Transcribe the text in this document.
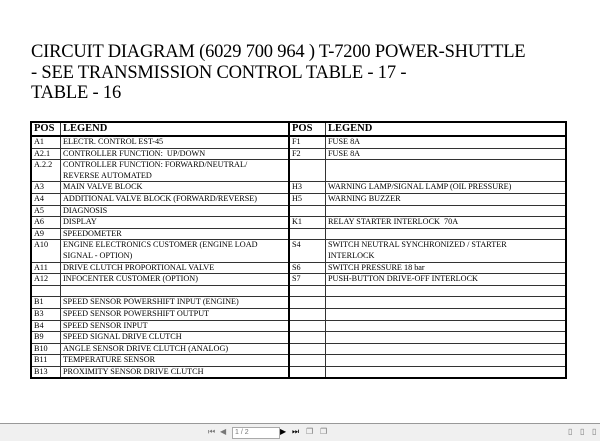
CIRCUIT DIAGRAM (6029 700 964 ) T-7200 POWER-SHUTTLE
- SEE TRANSMISSION CONTROL TABLE - 17 -
TABLE - 16
POS	LEGEND	POS	LEGEND
A1	ELECTR. CONTROL EST-45	F1	FUSE 8A
A2.1	CONTROLLER FUNCTION:  UP/DOWN	F2	FUSE 8A
A.2.2	CONTROLLER FUNCTION: FORWARD/NEUTRAL/
REVERSE AUTOMATED		
A3	MAIN VALVE BLOCK	H3	WARNING LAMP/SIGNAL LAMP (OIL PRESSURE)
A4	ADDITIONAL VALVE BLOCK (FORWARD/REVERSE)	H5	WARNING BUZZER
A5	DIAGNOSIS		
A6	DISPLAY	K1	RELAY STARTER INTERLOCK  70A
A9	SPEEDOMETER		
A10	ENGINE ELECTRONICS CUSTOMER (ENGINE LOAD
SIGNAL - OPTION)	S4	SWITCH NEUTRAL SYNCHRONIZED / STARTER
INTERLOCK
A11	DRIVE CLUTCH PROPORTIONAL VALVE	S6	SWITCH PRESSURE 18 bar
A12	INFOCENTER CUSTOMER (OPTION)	S7	PUSH-BUTTON DRIVE-OFF INTERLOCK

B1	SPEED SENSOR POWERSHIFT INPUT (ENGINE)		
B3	SPEED SENSOR POWERSHIFT OUTPUT		
B4	SPEED SENSOR INPUT		
B9	SPEED SIGNAL DRIVE CLUTCH		
B10	ANGLE SENSOR DRIVE CLUTCH (ANALOG)		
B11	TEMPERATURE SENSOR		
B13	PROXIMITY SENSOR DRIVE CLUTCH		
⏮ ◀	1 / 2	▶ ⏭ ❐ ❐	▯ ▯ ▯
